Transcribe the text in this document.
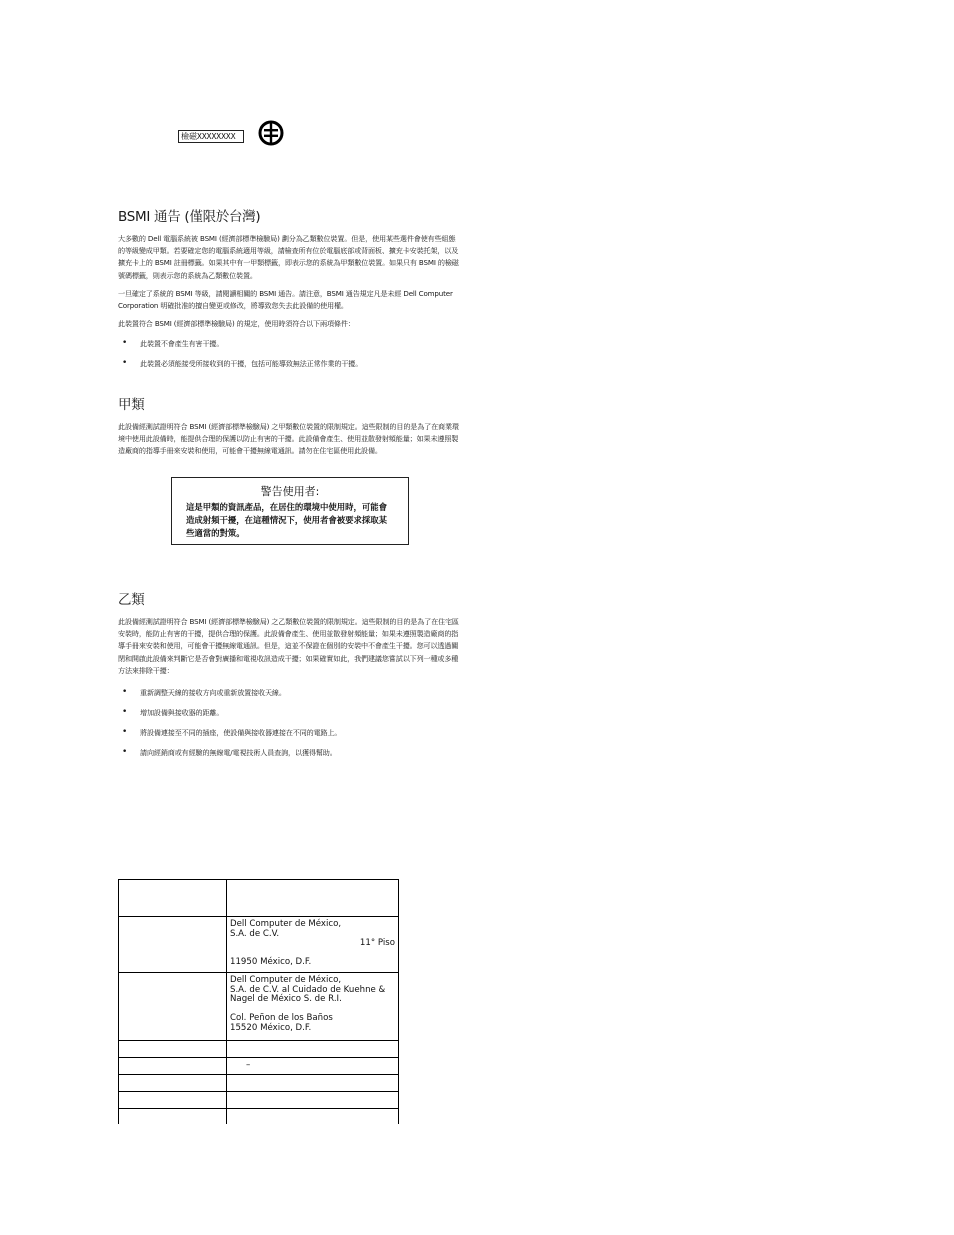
檢磁XXXXXXXX
BSMI 通告 (僅限於台灣)

大多數的 Dell 電腦系統被 BSMI (經濟部標準檢驗局) 劃分為乙類數位裝置。但是，使用某些選件會使有些組態的等級變成甲類。若要確定您的電腦系統適用等級，請檢查所有位於電腦底部或背面板、擴充卡安裝托架，以及擴充卡上的 BSMI 註冊標籤。如果其中有一甲類標籤，即表示您的系統為甲類數位裝置。如果只有 BSMI 的檢磁號碼標籤，則表示您的系統為乙類數位裝置。

一旦確定了系統的 BSMI 等級，請閱讀相關的 BSMI 通告。請注意，BSMI 通告規定凡是未經 Dell Computer Corporation 明確批准的擅自變更或修改，將導致您失去此設備的使用權。

此裝置符合 BSMI (經濟部標準檢驗局) 的規定，使用時須符合以下兩項條件：

• 此裝置不會產生有害干擾。

• 此裝置必須能接受所接收到的干擾，包括可能導致無法正常作業的干擾。

甲類

此設備經測試證明符合 BSMI (經濟部標準檢驗局) 之甲類數位裝置的限制規定。這些限制的目的是為了在商業環境中使用此設備時，能提供合理的保護以防止有害的干擾。此設備會產生、使用並散發射頻能量；如果未遵照製造廠商的指導手冊來安裝和使用，可能會干擾無線電通訊。請勿在住宅區使用此設備。

警告使用者:

這是甲類的資訊產品，在居住的環境中使用時，可能會造成射頻干擾，在這種情況下，使用者會被要求採取某些適當的對策。

乙類

此設備經測試證明符合 BSMI (經濟部標準檢驗局) 之乙類數位裝置的限制規定。這些限制的目的是為了在住宅區安裝時，能防止有害的干擾，提供合理的保護。此設備會產生、使用並散發射頻能量；如果未遵照製造廠商的指導手冊來安裝和使用，可能會干擾無線電通訊。但是，這並不保證在個別的安裝中不會產生干擾。您可以透過關閉和開啟此設備來判斷它是否會對廣播和電視收訊造成干擾；如果確實如此，我們建議您嘗試以下列一種或多種方法來排除干擾：

• 重新調整天線的接收方向或重新放置接收天線。

• 增加設備與接收器的距離。

• 將設備連接至不同的插座，使設備與接收器連接在不同的電路上。

• 請向經銷商或有經驗的無線電/電視技術人員查詢，以獲得幫助。

	Dell Computer de México,
S.A. de C.V.
11° Piso
11950 México, D.F.

	Dell Computer de México,
S.A. de C.V. al Cuidado de Kuehne &
Nagel de México S. de R.I.
Col. Peñon de los Baños
15520 México, D.F.

	–
